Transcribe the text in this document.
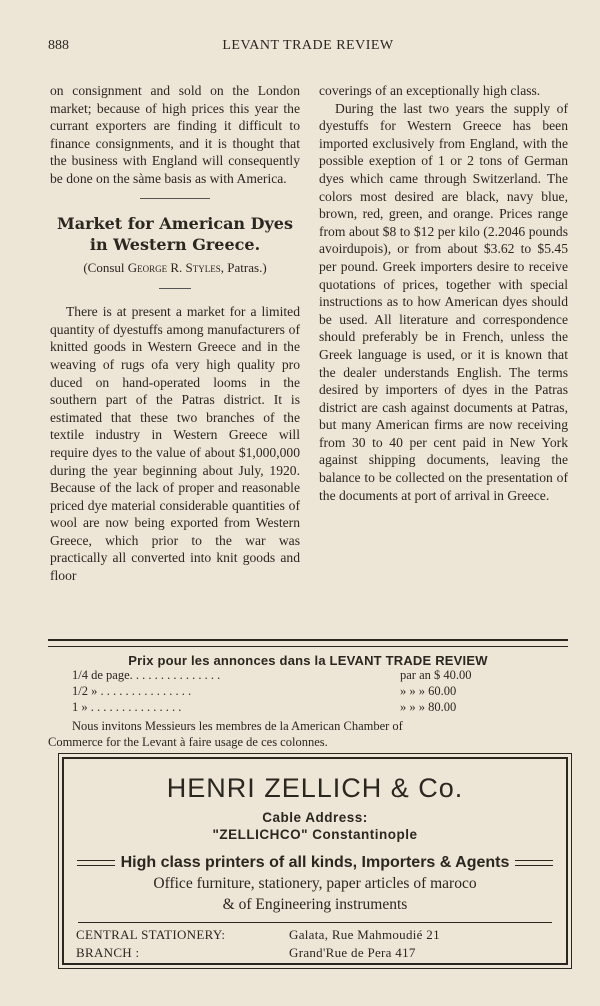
888	LEVANT TRADE REVIEW

on consignment and sold on the London market; because of high prices this year the currant exporters are finding it difficult to finance consignments, and it is thought that the business with England will consequently be done on the sàme basis as with America.

Market for American Dyes
in Western Greece.
(Consul George R. Styles, Patras.)

There is at present a market for a limited quantity of dyestuffs among manufacturers of knitted goods in Western Greece and in the weaving of rugs ofa very high quality pro duced on hand-operated looms in the southern part of the Patras district. It is estimated that these two branches of the textile industry in Western Greece will require dyes to the value of about $1,000,000 during the year beginning about July, 1920. Because of the lack of proper and reasonable priced dye material considerable quantities of wool are now being exported from Western Greece, which prior to the war was practically all converted into knit goods and floor

coverings of an exceptionally high class.

During the last two years the supply of dyestuffs for Western Greece has been imported exclusively from England, with the possible exeption of 1 or 2 tons of German dyes which came through Switzerland. The colors most desired are black, navy blue, brown, red, green, and orange. Prices range from about $8 to $12 per kilo (2.2046 pounds avoirdupois), or from about $3.62 to $5.45 per pound. Greek importers desire to receive quotations of prices, together with special instructions as to how American dyes should be used. All literature and correspondence should preferably be in French, unless the Greek language is used, or it is known that the dealer understands English. The terms desired by importers of dyes in the Patras district are cash against documents at Patras, but many American firms are now receiving from 30 to 40 per cent paid in New York against shipping documents, leaving the balance to be collected on the presentation of the documents at port of arrival in Greece.

Prix pour les annonces dans la LEVANT TRADE REVIEW
1/4 de page. . . . . . . . . . . . . . .	par an $ 40.00
1/2 » . . . . . . . . . . . . . . .	» » » 60.00
1 » . . . . . . . . . . . . . . .	» » » 80.00
Nous invitons Messieurs les membres de la American Chamber of
Commerce for the Levant à faire usage de ces colonnes.
HENRI ZELLICH & Co.
Cable Address:
"ZELLICHCO" Constantinople
High class printers of all kinds, Importers & Agents
Office furniture, stationery, paper articles of maroco
& of Engineering instruments
CENTRAL STATIONERY:	Galata, Rue Mahmoudié 21
BRANCH :	Grand'Rue de Pera 417
